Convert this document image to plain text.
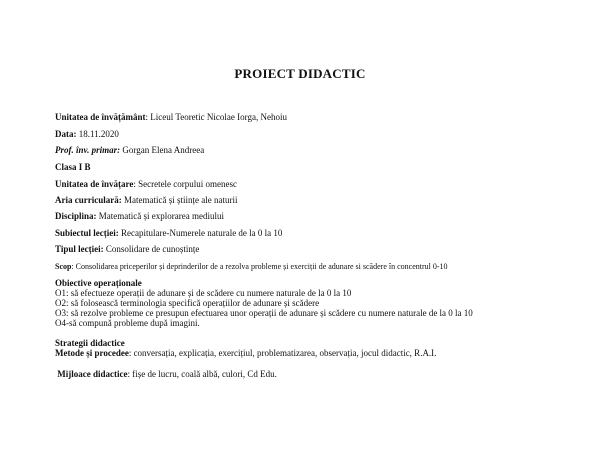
PROIECT DIDACTIC
Unitatea de învățământ: Liceul Teoretic Nicolae Iorga, Nehoiu
Data: 18.11.2020
Prof. înv. primar: Gorgan Elena Andreea
Clasa I B
Unitatea de învățare: Secretele corpului omenesc
Aria curriculară: Matematică și științe ale naturii
Disciplina: Matematică și explorarea mediului
Subiectul lecției: Recapitulare-Numerele naturale de la 0 la 10
Tipul lecției: Consolidare de cunoștințe
Scop: Consolidarea priceperilor și deprinderilor de a rezolva probleme și exerciții de adunare si scădere în concentrul 0-10
Obiective operaționale
O1: să efectueze operații de adunare și de scădere cu numere naturale de la 0 la 10
O2: să folosească terminologia specifică operațiilor de adunare și scădere
O3: să rezolve probleme ce presupun efectuarea unor operații de adunare și scădere cu numere naturale de la 0 la 10
O4-să compună probleme după imagini.
Strategii didactice
Metode și procedee: conversația, explicația, exercițiul, problematizarea, observația, jocul didactic, R.A.I.
Mijloace didactice: fișe de lucru, coală albă, culori, Cd Edu.
